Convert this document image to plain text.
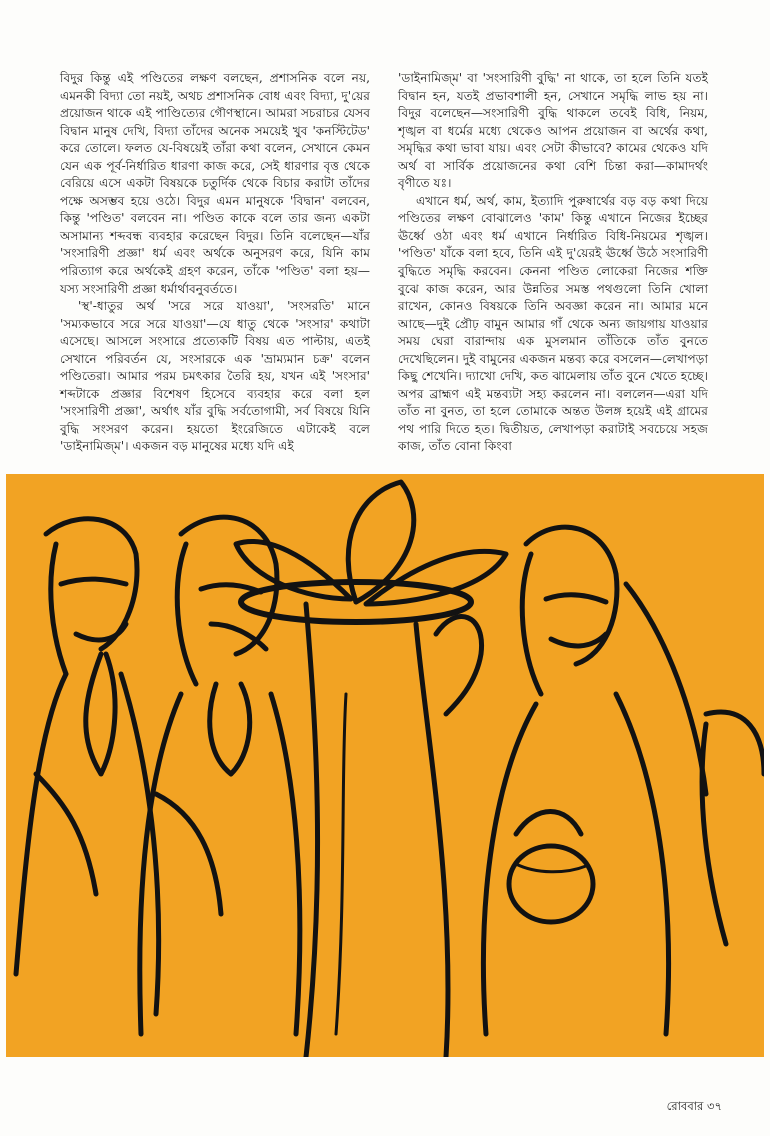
বিদুর কিন্তু এই পণ্ডিতের লক্ষণ বলছেন, প্রশাসনিক বলে নয়, এমনকী বিদ্যা তো নয়ই, অথচ প্রশাসনিক বোধ এবং বিদ্যা, দু'য়ের প্রয়োজন থাকে এই পাণ্ডিত্যের গৌণস্থানে। আমরা সচরাচর যেসব বিদ্বান মানুষ দেখি, বিদ্যা তাঁদের অনেক সময়েই খুব 'কনস্টিটেড' করে তোলে। ফলত যে-বিষয়েই তাঁরা কথা বলেন, সেখানে কেমন যেন এক পূর্ব-নির্ধারিত ধারণা কাজ করে, সেই ধারণার বৃত্ত থেকে বেরিয়ে এসে একটা বিষয়কে চতুর্দিক থেকে বিচার করাটা তাঁদের পক্ষে অসম্ভব হয়ে ওঠে। বিদুর এমন মানুষকে 'বিদ্বান' বলবেন, কিন্তু 'পণ্ডিত' বলবেন না। পণ্ডিত কাকে বলে তার জন্য একটা অসামান্য শব্দবন্ধ ব্যবহার করেছেন বিদুর। তিনি বলেছেন—যাঁর 'সংসারিণী প্রজ্ঞা' ধর্ম এবং অর্থকে অনুসরণ করে, যিনি কাম পরিত্যাগ করে অর্থকেই গ্রহণ করেন, তাঁকে 'পণ্ডিত' বলা হয়—যস্য সংসারিণী প্রজ্ঞা ধর্মার্থাবনুবর্ততে।

'স্থ'-ধাতুর অর্থ 'সরে সরে যাওয়া', 'সংসরতি' মানে 'সম্যকভাবে সরে সরে যাওয়া'—যে ধাতু থেকে 'সংসার' কথাটা এসেছে। আসলে সংসারে প্রত্যেকটি বিষয় এত পাল্টায়, এতই সেখানে পরিবর্তন যে, সংসারকে এক 'ভ্রাম্যমান চক্র' বলেন পণ্ডিতেরা। আমার পরম চমৎকার তৈরি হয়, যখন এই 'সংসার' শব্দটাকে প্রজ্ঞার বিশেষণ হিসেবে ব্যবহার করে বলা হল 'সংসারিণী প্রজ্ঞা', অর্থাৎ যাঁর বুদ্ধি সর্বতোগামী, সর্ব বিষয়ে যিনি বুদ্ধি সংসরণ করেন। হয়তো ইংরেজিতে এটাকেই বলে 'ডাইনামিজ্‌ম'। একজন বড় মানুষের মধ্যে যদি এই

'ডাইনামিজ্‌ম' বা 'সংসারিণী বুদ্ধি' না থাকে, তা হলে তিনি যতই বিদ্বান হন, যতই প্রভাবশালী হন, সেখানে সমৃদ্ধি লাভ হয় না। বিদুর বলেছেন—সংসারিণী বুদ্ধি থাকলে তবেই বিধি, নিয়ম, শৃঙ্খল বা ধর্মের মধ্যে থেকেও আপন প্রয়োজন বা অর্থের কথা, সমৃদ্ধির কথা ভাবা যায়। এবং সেটা কীভাবে? কামের থেকেও যদি অর্থ বা সার্বিক প্রয়োজনের কথা বেশি চিন্তা করা—কামাদর্থং বৃণীতে যঃ।

এখানে ধর্ম, অর্থ, কাম, ইত্যাদি পুরুষার্থের বড় বড় কথা দিয়ে পণ্ডিতের লক্ষণ বোঝালেও 'কাম' কিন্তু এখানে নিজের ইচ্ছের ঊর্ধ্বে ওঠা এবং ধর্ম এখানে নির্ধারিত বিধি-নিয়মের শৃঙ্খল। 'পণ্ডিত' যাঁকে বলা হবে, তিনি এই দু'য়েরই ঊর্ধ্বে উঠে সংসারিণী বুদ্ধিতে সমৃদ্ধি করবেন। কেননা পণ্ডিত লোকেরা নিজের শক্তি বুঝে কাজ করেন, আর উন্নতির সমস্ত পথগুলো তিনি খোলা রাখেন, কোনও বিষয়কে তিনি অবজ্ঞা করেন না। আমার মনে আছে—দুই প্রৌঢ় বামুন আমার গাঁ থেকে অন্য জায়গায় যাওয়ার সময় ঘেরা বারান্দায় এক মুসলমান তাঁতিকে তাঁত বুনতে দেখেছিলেন। দুই বামুনের একজন মন্তব্য করে বসলেন—লেখাপড়া কিছু শেখেনি। দ্যাখো দেখি, কত ঝামেলায় তাঁত বুনে খেতে হচ্ছে। অপর ব্রাহ্মণ এই মন্তব্যটা সহ্য করলেন না। বললেন—এরা যদি তাঁত না বুনত, তা হলে তোমাকে অন্তত উলঙ্গ হয়েই এই গ্রামের পথ পারি দিতে হত। দ্বিতীয়ত, লেখাপড়া করাটাই সবচেয়ে সহজ কাজ, তাঁত বোনা কিংবা

রোববার ৩৭
